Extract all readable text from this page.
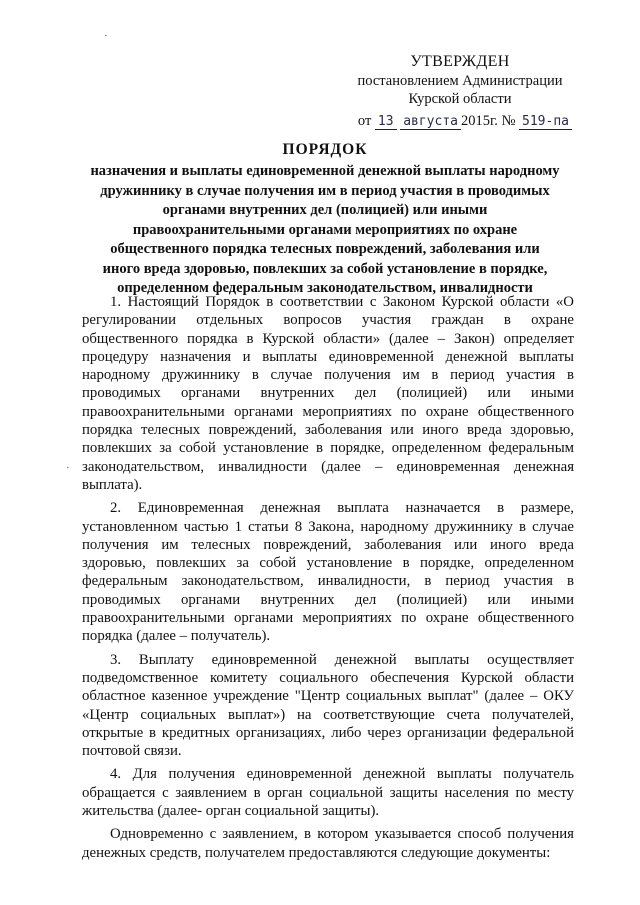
·
·
УТВЕРЖДЕН
постановлением Администрации
Курской области
от 13 августа 2015г. № 519-па
ПОРЯДОК
назначения и выплаты единовременной денежной выплаты народному дружиннику в случае получения им в период участия в проводимых органами внутренних дел (полицией) или иными правоохранительными органами мероприятиях по охране общественного порядка телесных повреждений, заболевания или иного вреда здоровью, повлекших за собой установление в порядке, определенном федеральным законодательством, инвалидности

1. Настоящий Порядок в соответствии с Законом Курской области «О регулировании отдельных вопросов участия граждан в охране общественного порядка в Курской области» (далее – Закон) определяет процедуру назначения и выплаты единовременной денежной выплаты народному дружиннику в случае получения им в период участия в проводимых органами внутренних дел (полицией) или иными правоохранительными органами мероприятиях по охране общественного порядка телесных повреждений, заболевания или иного вреда здоровью, повлекших за собой установление в порядке, определенном федеральным законодательством, инвалидности (далее – единовременная денежная выплата).

2. Единовременная денежная выплата назначается в размере, установленном частью 1 статьи 8 Закона, народному дружиннику в случае получения им телесных повреждений, заболевания или иного вреда здоровью, повлекших за собой установление в порядке, определенном федеральным законодательством, инвалидности, в период участия в проводимых органами внутренних дел (полицией) или иными правоохранительными органами мероприятиях по охране общественного порядка (далее – получатель).

3. Выплату единовременной денежной выплаты осуществляет подведомственное комитету социального обеспечения Курской области областное казенное учреждение "Центр социальных выплат" (далее – ОКУ «Центр социальных выплат») на соответствующие счета получателей, открытые в кредитных организациях, либо через организации федеральной почтовой связи.

4. Для получения единовременной денежной выплаты получатель обращается с заявлением в орган социальной защиты населения по месту жительства (далее- орган социальной защиты).

Одновременно с заявлением, в котором указывается способ получения денежных средств, получателем предоставляются следующие документы:
